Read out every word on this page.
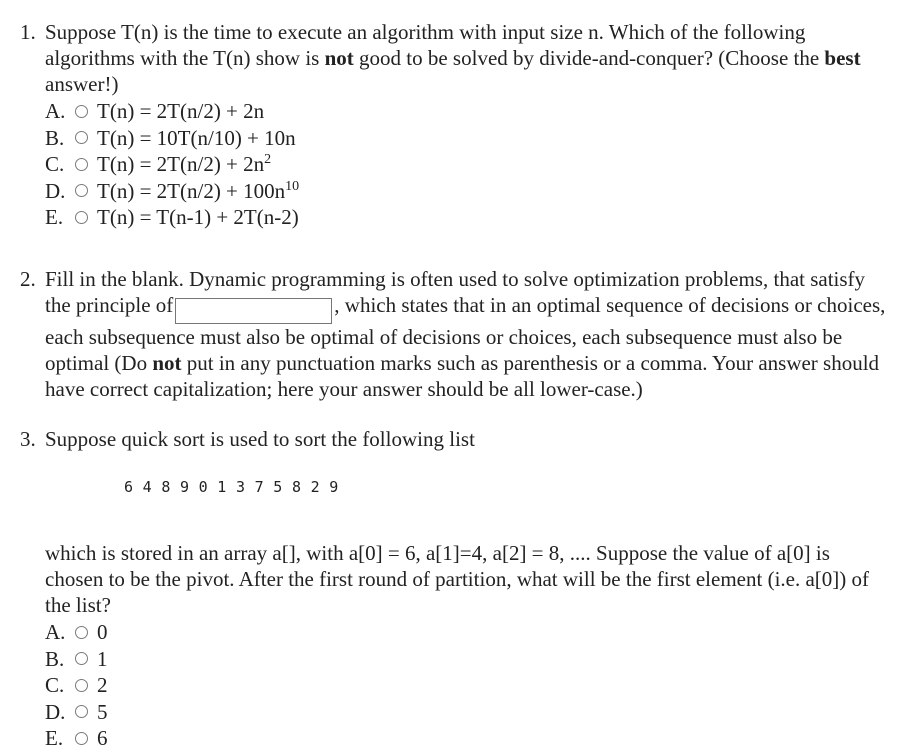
1. Suppose T(n) is the time to execute an algorithm with input size n. Which of the following algorithms with the T(n) show is not good to be solved by divide-and-conquer? (Choose the best answer!)
A.	T(n) = 2T(n/2) + 2n
B.	T(n) = 10T(n/10) + 10n
C.	$T(n) = 2T(n/2) + 2n^2$
D.	$T(n) = 2T(n/2) + 100n^{10}$
E.	T(n) = T(n-1) + 2T(n-2)
2. Fill in the blank. Dynamic programming is often used to solve optimization problems, that satisfy the principle of	, which states that in an optimal sequence of decisions or choices, each subsequence must also be optimal of decisions or choices, each subsequence must also be optimal (Do not put in any punctuation marks such as parenthesis or a comma. Your answer should have correct capitalization; here your answer should be all lower-case.)
3. Suppose quick sort is used to sort the following list
6 4 8 9 0 1 3 7 5 8 2 9
which is stored in an array a[], with a[0] = 6, a[1]=4, a[2] = 8, .... Suppose the value of a[0] is chosen to be the pivot. After the first round of partition, what will be the first element (i.e. a[0]) of the list?
A.	0
B.	1
C.	2
D.	5
E.	6
